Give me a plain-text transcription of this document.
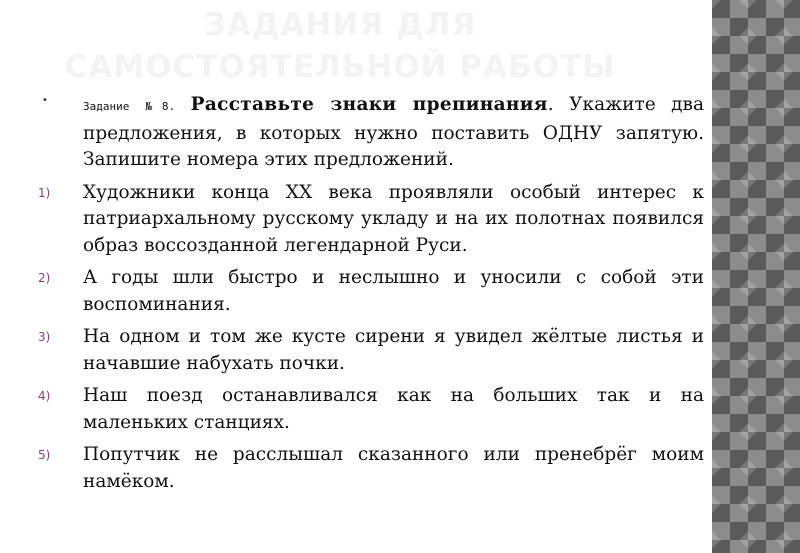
ЗАДАНИЯ ДЛЯ
САМОСТОЯТЕЛЬНОЙ РАБОТЫ
•	Задание №8. Расставьте знаки препинания. Укажите два предложения, в которых нужно поставить ОДНУ запятую. Запишите номера этих предложений.
1) Художники конца ХХ века проявляли особый интерес к патриархальному русскому укладу и на их полотнах появился образ воссозданной легендарной Руси.
2) А годы шли быстро и неслышно и уносили с собой эти воспоминания.
3) На одном и том же кусте сирени я увидел жёлтые листья и начавшие набухать почки.
4) Наш поезд останавливался как на больших так и на маленьких станциях.
5) Попутчик не расслышал сказанного или пренебрёг моим намёком.
